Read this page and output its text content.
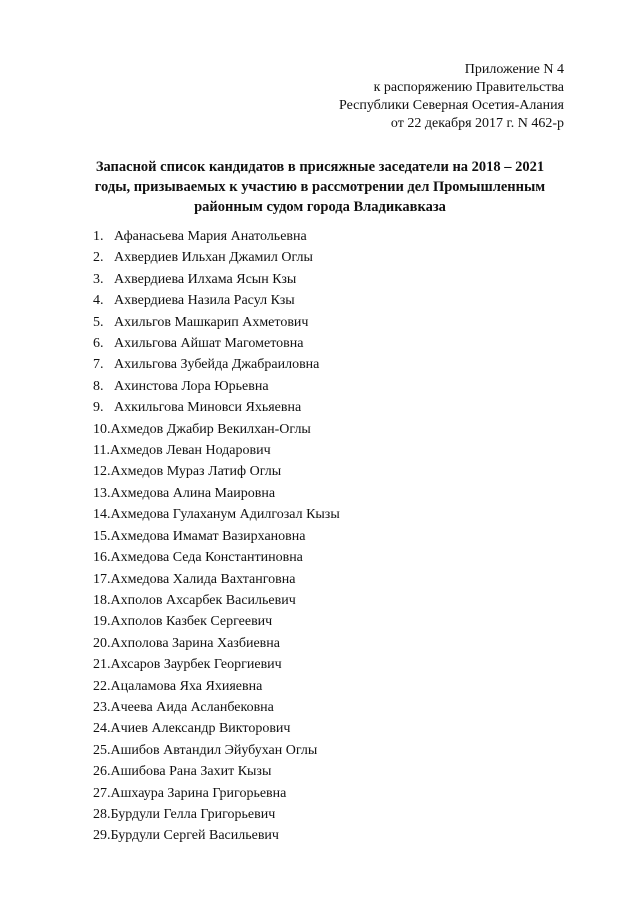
Приложение N 4
к распоряжению Правительства
Республики Северная Осетия-Алания
от 22 декабря 2017 г. N 462-р
Запасной список кандидатов в присяжные заседатели на 2018 – 2021
годы, призываемых к участию в рассмотрении дел Промышленным
районным судом города Владикавказа
1. Афанасьева Мария Анатольевна
2. Ахвердиев Ильхан Джамил Оглы
3. Ахвердиева Илхама Ясын Кзы
4. Ахвердиева Назила Расул Кзы
5. Ахильгов Машкарип Ахметович
6. Ахильгова Айшат Магометовна
7. Ахильгова Зубейда Джабраиловна
8. Ахинстова Лора Юрьевна
9. Ахкильгова Миновси Яхьяевна
10. Ахмедов Джабир Векилхан-Оглы
11. Ахмедов Леван Нодарович
12. Ахмедов Мураз Латиф Оглы
13. Ахмедова Алина Маировна
14. Ахмедова Гулаханум Адилгозал Кызы
15. Ахмедова Имамат Вазирхановна
16. Ахмедова Седа Константиновна
17. Ахмедова Халида Вахтанговна
18. Ахполов Ахсарбек Васильевич
19. Ахполов Казбек Сергеевич
20. Ахполова Зарина Хазбиевна
21. Ахсаров Заурбек Георгиевич
22. Ацаламова Яха Яхияевна
23. Ачеева Аида Асланбековна
24. Ачиев Александр Викторович
25. Ашибов Автандил Эйубухан Оглы
26. Ашибова Рана Захит Кызы
27. Ашхаура Зарина Григорьевна
28. Бурдули Гелла Григорьевич
29. Бурдули Сергей Васильевич
